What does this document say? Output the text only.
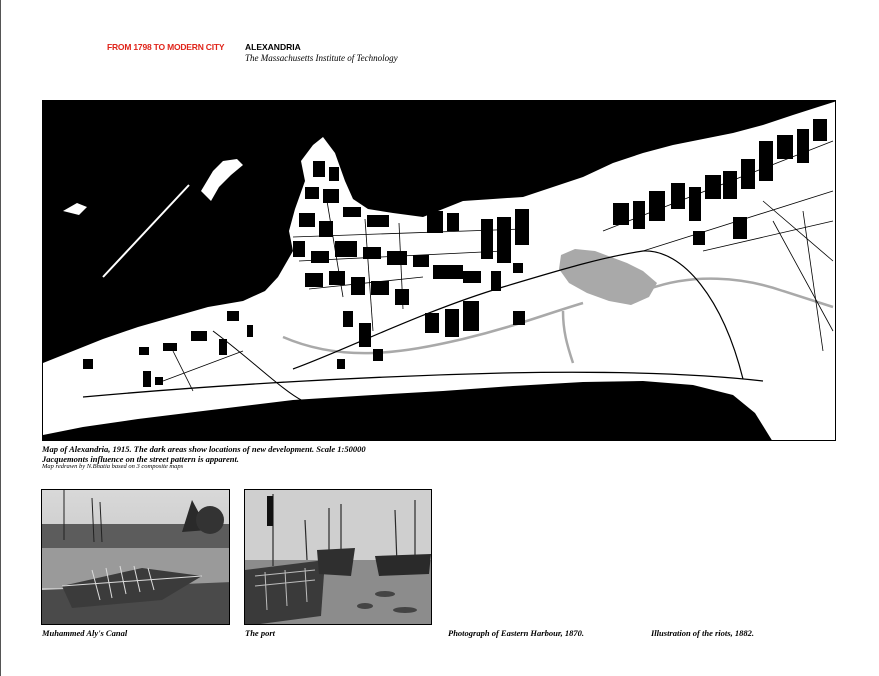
FROM 1798 TO MODERN CITY ALEXANDRIA
The Massachusetts Institute of Technology
Map of Alexandria, 1915. The dark areas show locations of new development. Scale 1:50000
Jacquemonts influence on the street pattern is apparent.
Map redrawn by N.Bhatia based on 3 composite maps
Muhammed Aly's Canal	The port	Photograph of Eastern Harbour, 1870.	Illustration of the riots, 1882.
